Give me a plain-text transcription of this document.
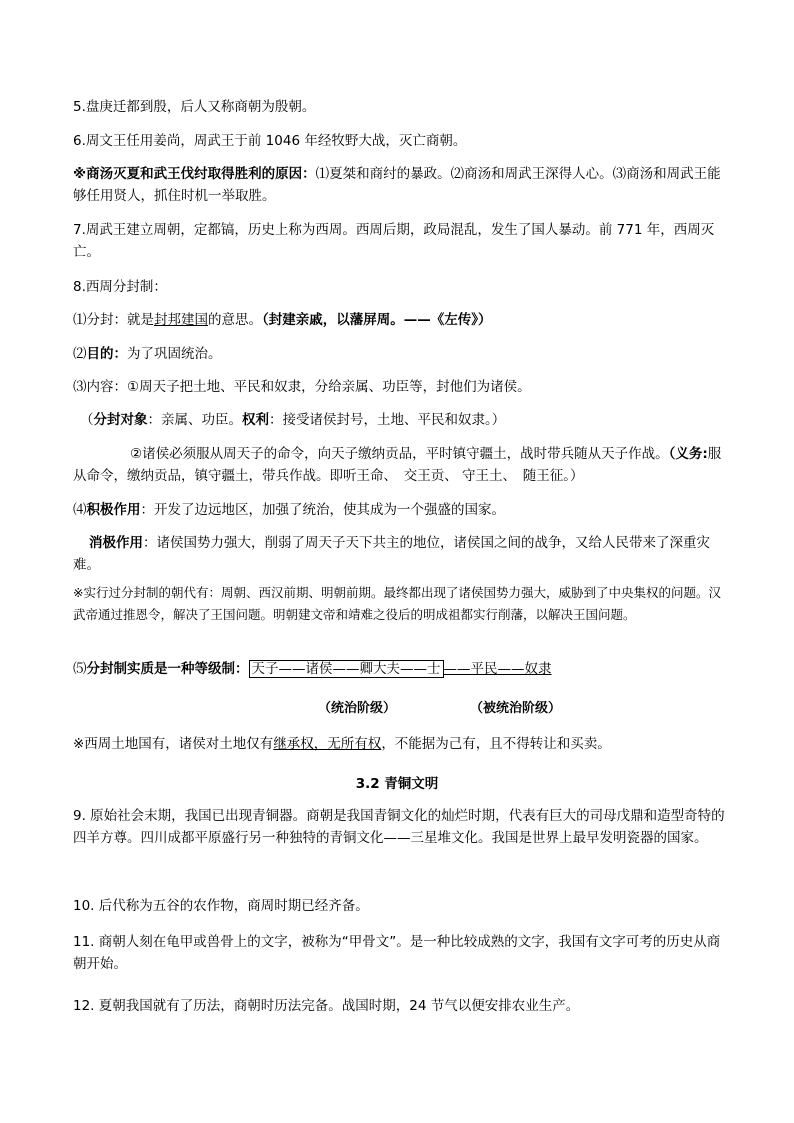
5.盘庚迁都到殷，后人又称商朝为殷朝。

6.周文王任用姜尚，周武王于前 1046 年经牧野大战，灭亡商朝。

※商汤灭夏和武王伐纣取得胜利的原因：⑴夏桀和商纣的暴政。⑵商汤和周武王深得人心。⑶商汤和周武王能够任用贤人，抓住时机一举取胜。

7.周武王建立周朝，定都镐，历史上称为西周。西周后期，政局混乱，发生了国人暴动。前 771 年，西周灭亡。

8.西周分封制：

⑴分封：就是封邦建国的意思。（封建亲戚，以藩屏周。——《左传》）

⑵目的：为了巩固统治。

⑶内容：①周天子把土地、平民和奴隶，分给亲属、功臣等，封他们为诸侯。

（分封对象：亲属、功臣。权利：接受诸侯封号，土地、平民和奴隶。）

②诸侯必须服从周天子的命令，向天子缴纳贡品，平时镇守疆土，战时带兵随从天子作战。（义务:服从命令，缴纳贡品，镇守疆土，带兵作战。即听王命、　交王贡、 守王土、　随王征。）

⑷积极作用：开发了边远地区，加强了统治，使其成为一个强盛的国家。

消极作用：诸侯国势力强大，削弱了周天子天下共主的地位，诸侯国之间的战争，又给人民带来了深重灾难。

※实行过分封制的朝代有：周朝、西汉前期、明朝前期。最终都出现了诸侯国势力强大，威胁到了中央集权的问题。汉武帝通过推恩令，解决了王国问题。明朝建文帝和靖难之役后的明成祖都实行削藩，以解决王国问题。

⑸分封制实质是一种等级制： 天子——诸侯——卿大夫——士 ——平民——奴隶

（统治阶级）	（被统治阶级）

※西周土地国有，诸侯对土地仅有继承权，无所有权，不能据为己有，且不得转让和买卖。

3.2 青铜文明

9. 原始社会末期，我国已出现青铜器。商朝是我国青铜文化的灿烂时期，代表有巨大的司母戊鼎和造型奇特的四羊方尊。四川成都平原盛行另一种独特的青铜文化——三星堆文化。我国是世界上最早发明瓷器的国家。

10. 后代称为五谷的农作物，商周时期已经齐备。

11. 商朝人刻在龟甲或兽骨上的文字，被称为“甲骨文”。是一种比较成熟的文字，我国有文字可考的历史从商朝开始。

12. 夏朝我国就有了历法，商朝时历法完备。战国时期，24 节气以便安排农业生产。
